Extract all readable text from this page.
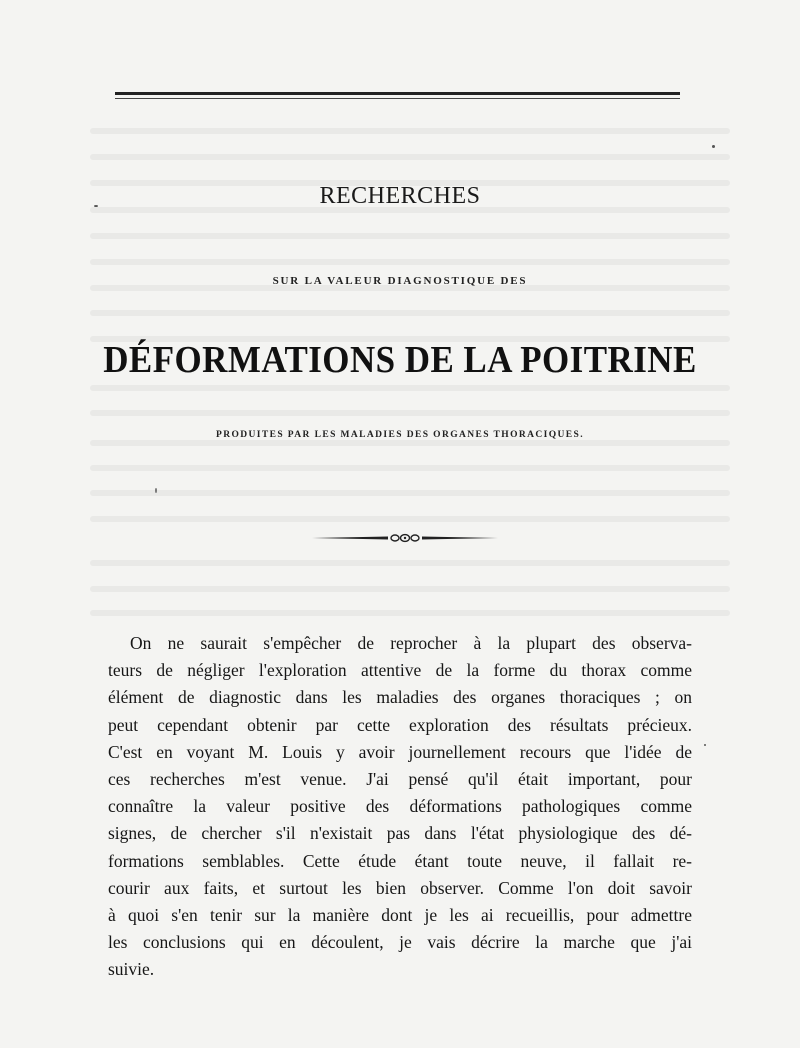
RECHERCHES
SUR LA VALEUR DIAGNOSTIQUE DES
DÉFORMATIONS DE LA POITRINE
PRODUITES PAR LES MALADIES DES ORGANES THORACIQUES.
On ne saurait s'empêcher de reprocher à la plupart des observa-
teurs de négliger l'exploration attentive de la forme du thorax comme
élément de diagnostic dans les maladies des organes thoraciques ; on
peut cependant obtenir par cette exploration des résultats précieux.
C'est en voyant M. Louis y avoir journellement recours que l'idée de
ces recherches m'est venue. J'ai pensé qu'il était important, pour
connaître la valeur positive des déformations pathologiques comme
signes, de chercher s'il n'existait pas dans l'état physiologique des dé-
formations semblables. Cette étude étant toute neuve, il fallait re-
courir aux faits, et surtout les bien observer. Comme l'on doit savoir
à quoi s'en tenir sur la manière dont je les ai recueillis, pour admettre
les conclusions qui en découlent, je vais décrire la marche que j'ai
suivie.
